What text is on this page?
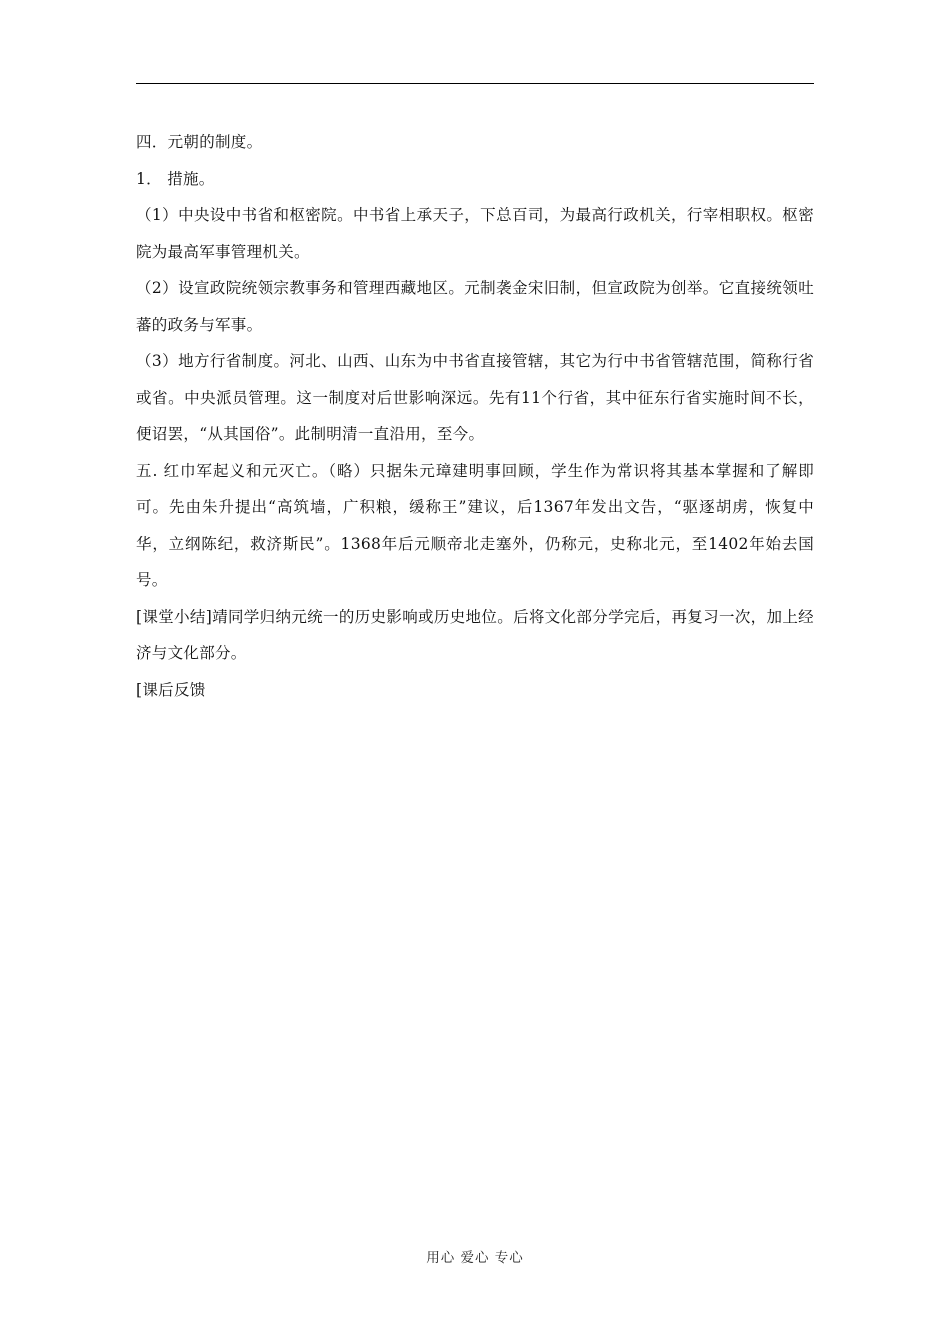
四．元朝的制度。

1． 措施。

（1）中央设中书省和枢密院。中书省上承天子，下总百司，为最高行政机关，行宰相职权。枢密院为最高军事管理机关。

（2）设宣政院统领宗教事务和管理西藏地区。元制袭金宋旧制，但宣政院为创举。它直接统领吐蕃的政务与军事。

（3）地方行省制度。河北、山西、山东为中书省直接管辖，其它为行中书省管辖范围，简称行省或省。中央派员管理。这一制度对后世影响深远。先有11个行省，其中征东行省实施时间不长，便诏罢，“从其国俗”。此制明清一直沿用，至今。

五. 红巾军起义和元灭亡。（略）只据朱元璋建明事回顾，学生作为常识将其基本掌握和了解即可。先由朱升提出“高筑墙，广积粮，缓称王”建议，后1367年发出文告，“驱逐胡虏，恢复中华，立纲陈纪，救济斯民”。1368年后元顺帝北走塞外，仍称元，史称北元，至1402年始去国号。

[课堂小结]靖同学归纳元统一的历史影响或历史地位。后将文化部分学完后，再复习一次，加上经济与文化部分。

[课后反馈

用心 爱心 专心
